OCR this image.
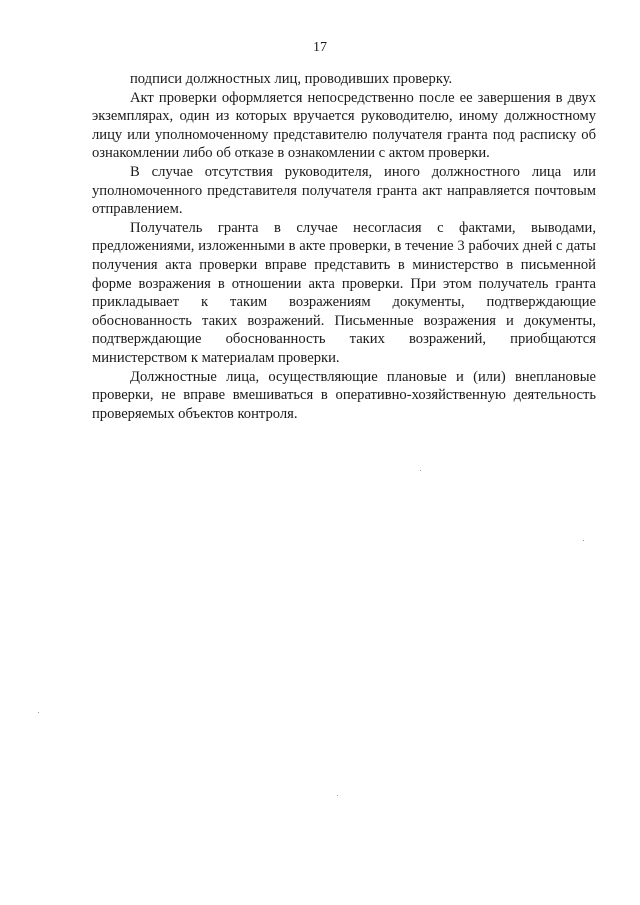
17

подписи должностных лиц, проводивших проверку.

Акт проверки оформляется непосредственно после ее завершения в двух экземплярах, один из которых вручается руководителю, иному должностному лицу или уполномоченному представителю получателя гранта под расписку об ознакомлении либо об отказе в ознакомлении с актом проверки.

В случае отсутствия руководителя, иного должностного лица или уполномоченного представителя получателя гранта акт направляется почтовым отправлением.

Получатель гранта в случае несогласия с фактами, выводами, предложениями, изложенными в акте проверки, в течение 3 рабочих дней с даты получения акта проверки вправе представить в министерство в письменной форме возражения в отношении акта проверки. При этом получатель гранта прикладывает к таким возражениям документы, подтверждающие обоснованность таких возражений. Письменные возражения и документы, подтверждающие обоснованность таких возражений, приобщаются министерством к материалам проверки.

Должностные лица, осуществляющие плановые и (или) внеплановые проверки, не вправе вмешиваться в оперативно-хозяйственную деятельность проверяемых объектов контроля.
